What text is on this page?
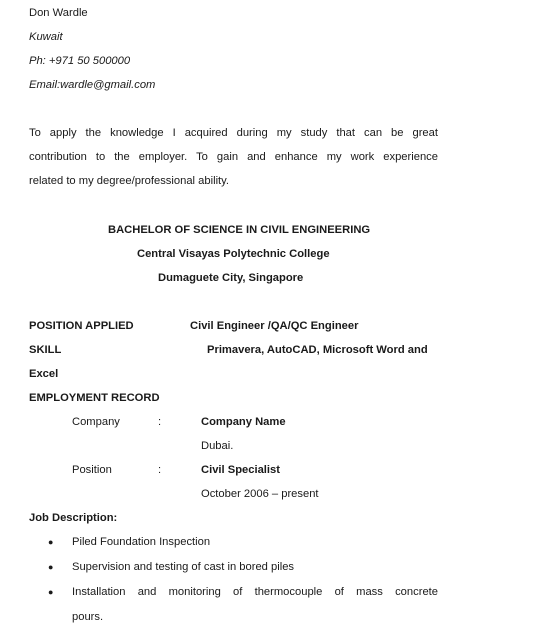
Don Wardle
Kuwait
Ph: +971 50 500000
Email:wardle@gmail.com
To apply the knowledge I acquired during my study that can be great
contribution to the employer. To gain and enhance my work experience
related to my degree/professional ability.
BACHELOR OF SCIENCE IN CIVIL ENGINEERING
Central Visayas Polytechnic College
Dumaguete City, Singapore
POSITION APPLIED	Civil Engineer /QA/QC Engineer
SKILL	Primavera, AutoCAD, Microsoft Word and
Excel
EMPLOYMENT RECORD
Company	:	Company Name
Dubai.
Position	:	Civil Specialist
October 2006 – present
Job Description:
● Piled Foundation Inspection
● Supervision and testing of cast in bored piles
● Installation and monitoring of thermocouple of mass concrete
pours.
